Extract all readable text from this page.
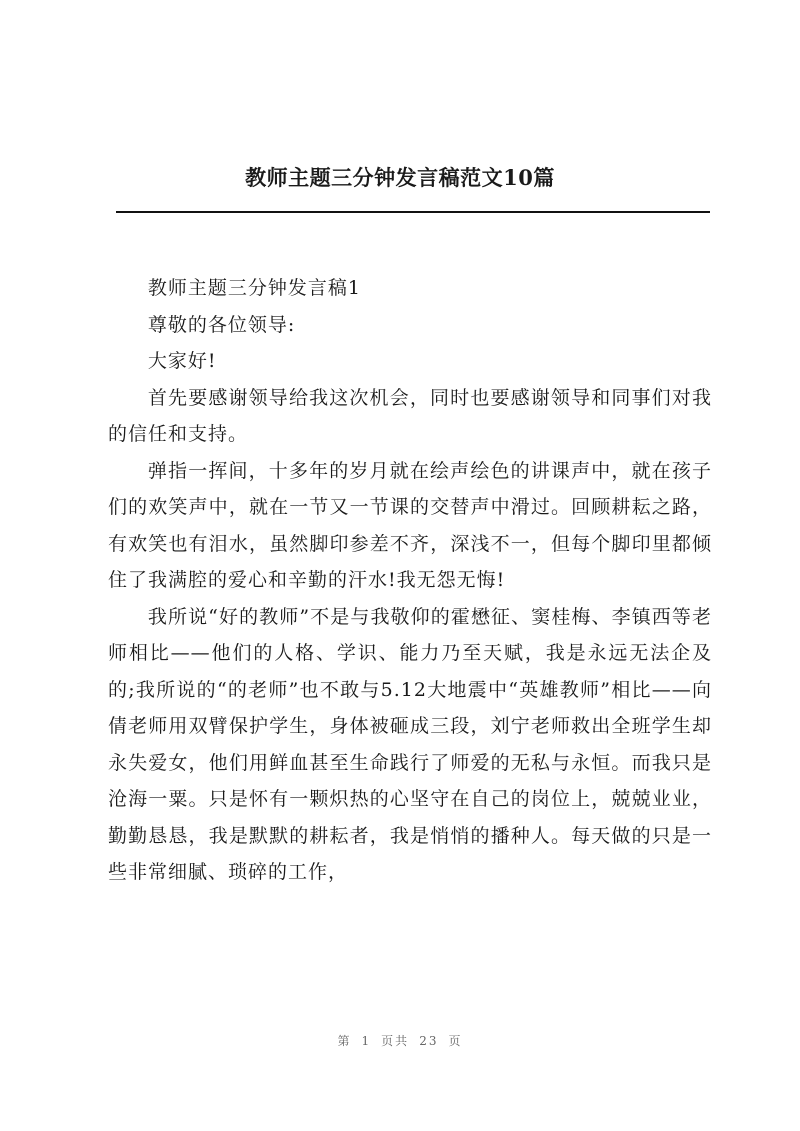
教师主题三分钟发言稿范文10篇

教师主题三分钟发言稿1

尊敬的各位领导:

大家好!

首先要感谢领导给我这次机会，同时也要感谢领导和同事们对我的信任和支持。

弹指一挥间，十多年的岁月就在绘声绘色的讲课声中，就在孩子们的欢笑声中，就在一节又一节课的交替声中滑过。回顾耕耘之路，有欢笑也有泪水，虽然脚印参差不齐，深浅不一，但每个脚印里都倾住了我满腔的爱心和辛勤的汗水!我无怨无悔!

我所说“好的教师”不是与我敬仰的霍懋征、窦桂梅、李镇西等老师相比——他们的人格、学识、能力乃至天赋，我是永远无法企及的;我所说的“的老师”也不敢与5.12大地震中“英雄教师”相比——向倩老师用双臂保护学生，身体被砸成三段，刘宁老师救出全班学生却永失爱女，他们用鲜血甚至生命践行了师爱的无私与永恒。而我只是沧海一粟。只是怀有一颗炽热的心坚守在自己的岗位上，兢兢业业，勤勤恳恳，我是默默的耕耘者，我是悄悄的播种人。每天做的只是一些非常细腻、琐碎的工作，

第 1 页共 23 页
